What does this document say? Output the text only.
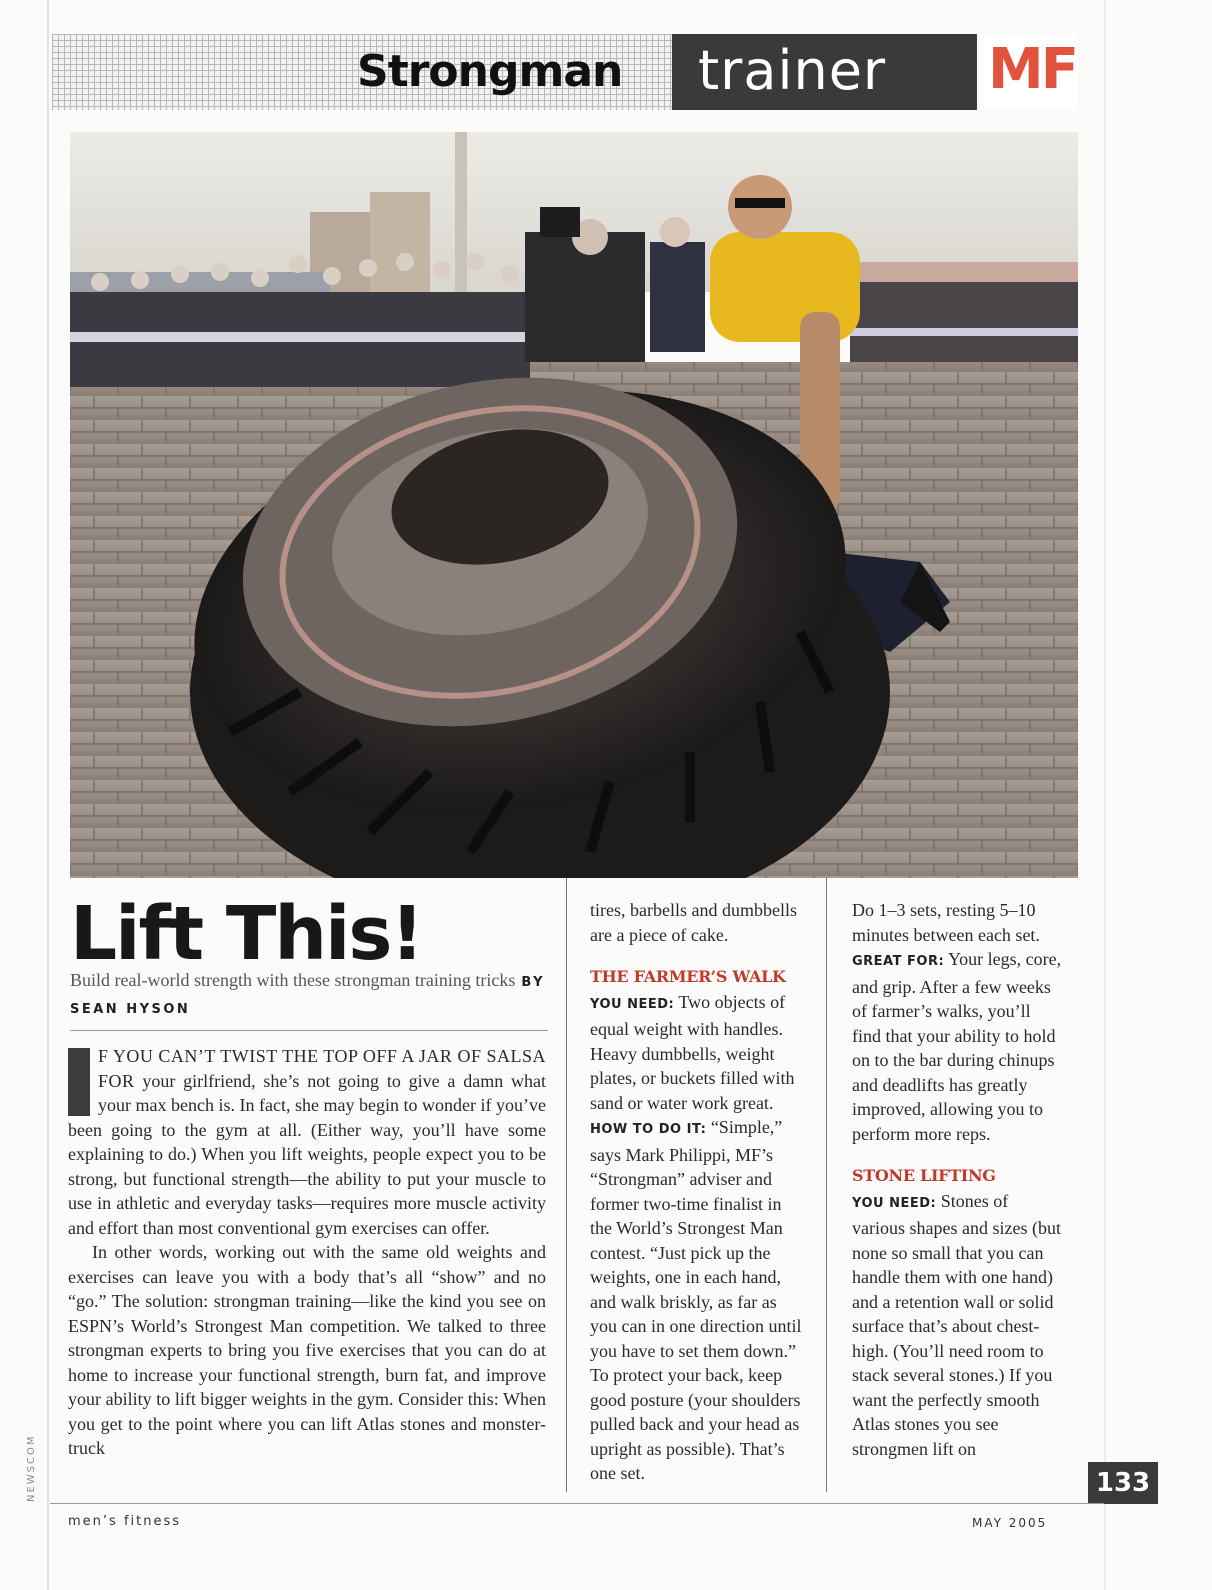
Strongman trainer MF
Lift This!
Build real-world strength with these strongman training tricks BY SEAN HYSON

F YOU CAN’T TWIST THE TOP OFF A JAR OF SALSA FOR your girlfriend, she’s not going to give a damn what your max bench is. In fact, she may begin to wonder if you’ve been going to the gym at all. (Either way, you’ll have some explaining to do.) When you lift weights, people expect you to be strong, but functional strength—the ability to put your muscle to use in athletic and everyday tasks—requires more muscle activity and effort than most conventional gym exercises can offer.

In other words, working out with the same old weights and exercises can leave you with a body that’s all “show” and no “go.” The solution: strongman training—like the kind you see on ESPN’s World’s Strongest Man competition. We talked to three strongman experts to bring you five exercises that you can do at home to increase your functional strength, burn fat, and improve your ability to lift bigger weights in the gym. Consider this: When you get to the point where you can lift Atlas stones and monster-truck

tires, barbells and dumbbells are a piece of cake.

THE FARMER’S WALK

YOU NEED: Two objects of equal weight with handles. Heavy dumbbells, weight plates, or buckets filled with sand or water work great.

HOW TO DO IT: “Simple,” says Mark Philippi, MF’s “Strongman” adviser and former two-time finalist in the World’s Strongest Man contest. “Just pick up the weights, one in each hand, and walk briskly, as far as you can in one direction until you have to set them down.” To protect your back, keep good posture (your shoulders pulled back and your head as upright as possible). That’s one set.

Do 1–3 sets, resting 5–10 minutes between each set.

GREAT FOR: Your legs, core, and grip. After a few weeks of farmer’s walks, you’ll find that your ability to hold on to the bar during chinups and deadlifts has greatly improved, allowing you to perform more reps.

STONE LIFTING

YOU NEED: Stones of various shapes and sizes (but none so small that you can handle them with one hand) and a retention wall or solid surface that’s about chest-high. (You’ll need room to stack several stones.) If you want the perfectly smooth Atlas stones you see strongmen lift on

133
men’s fitness	MAY 2005
NEWSCOM
